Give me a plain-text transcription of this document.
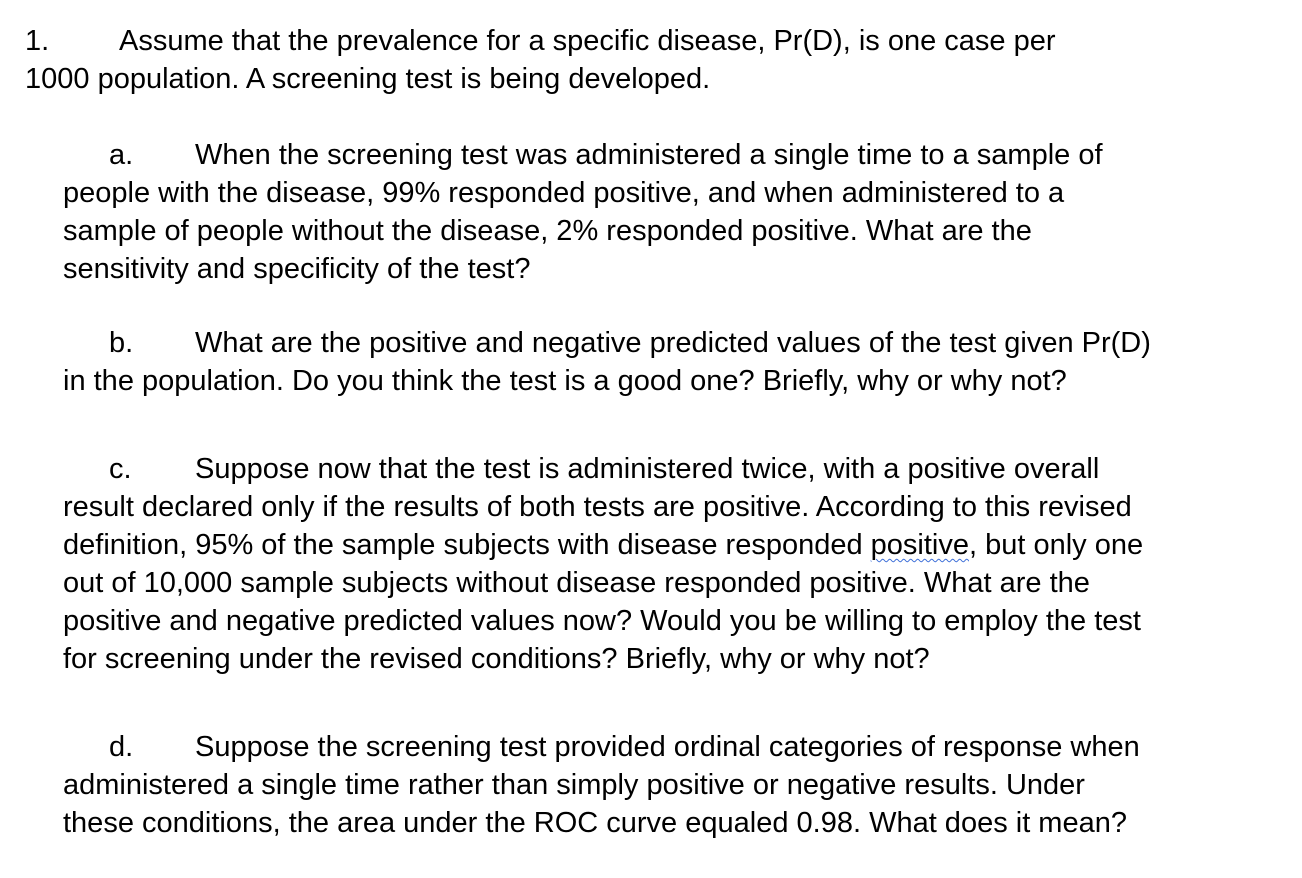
1. Assume that the prevalence for a specific disease, Pr(D), is one case per
1000 population. A screening test is being developed.
a. When the screening test was administered a single time to a sample of
people with the disease, 99% responded positive, and when administered to a
sample of people without the disease, 2% responded positive. What are the
sensitivity and specificity of the test?
b. What are the positive and negative predicted values of the test given Pr(D)
in the population. Do you think the test is a good one? Briefly, why or why not?
c. Suppose now that the test is administered twice, with a positive overall
result declared only if the results of both tests are positive. According to this revised
definition, 95% of the sample subjects with disease responded positive, but only one
out of 10,000 sample subjects without disease responded positive. What are the
positive and negative predicted values now? Would you be willing to employ the test
for screening under the revised conditions? Briefly, why or why not?
d. Suppose the screening test provided ordinal categories of response when
administered a single time rather than simply positive or negative results. Under
these conditions, the area under the ROC curve equaled 0.98. What does it mean?
